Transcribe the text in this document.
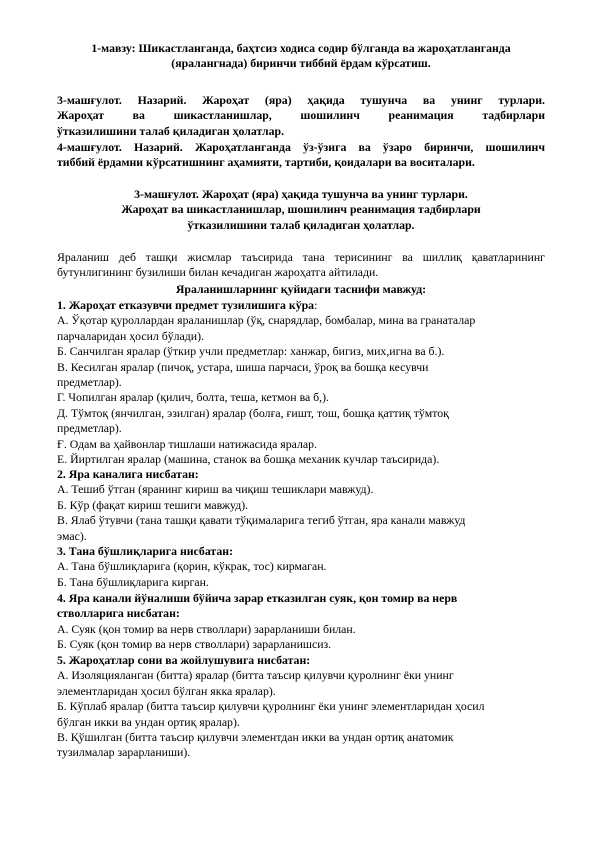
1-мавзу: Шикастланганда, баҳтсиз ходиса содир бўлганда ва жароҳатланганда
(яралангнада) биринчи тиббий ёрдам кўрсатиш.
3-машғулот. Назарий. Жароҳат (яра) ҳақида тушунча ва унинг турлари.
Жароҳат ва шикастланишлар, шошилинч реанимация тадбирлари
ўтказилишини талаб қиладиган ҳолатлар.
4-машғулот. Назарий. Жароҳатланганда ўз-ўзига ва ўзаро биринчи, шошилинч
тиббий ёрдамни кўрсатишнинг аҳамияти, тартиби, қоидалари ва воситалари.
3-машғулот. Жароҳат (яра) ҳақида тушунча ва унинг турлари.
Жароҳат ва шикастланишлар, шошилинч реанимация тадбирлари
ўтказилишини талаб қиладиган ҳолатлар.
Яраланиш деб ташқи жисмлар таъсирида тана терисининг ва шиллиқ қаватларининг
бутунлигининг бузилиши билан кечадиган жароҳатга айтилади.
Яраланишларнинг қуйидаги таснифи мавжуд:
1. Жароҳат етказувчи предмет тузилишига кўра:
А. Ўқотар қуроллардан яраланишлар (ўқ, снарядлар, бомбалар, мина ва гранаталар
парчаларидан ҳосил бўлади).
Б. Санчилган яралар (ўткир учли предметлар: ханжар, бигиз, мих,игна ва б.).
В. Кесилган яралар (пичоқ, устара, шиша парчаси, ўроқ ва бошқа кесувчи
предметлар).
Г. Чопилган яралар (қилич, болта, теша, кетмон ва б,).
Д. Тўмтоқ (янчилган, эзилган) яралар (болға, ғишт, тош, бошқа қаттиқ тўмтоқ
предметлар).
Ғ. Одам ва ҳайвонлар тишлаши натижасида яралар.
Е. Йиртилган яралар (машина, станок ва бошқа механик кучлар таъсирида).
2. Яра каналига нисбатан:
А. Тешиб ўтган (яранинг кириш ва чиқиш тешиклари мавжуд).
Б. Кўр (фақат кириш тешиги мавжуд).
В. Ялаб ўтувчи (тана ташқи қавати тўқималарига тегиб ўтган, яра канали мавжуд
эмас).
3. Тана бўшлиқларига нисбатан:
А. Тана бўшлиқларига (қорин, кўкрак, тос) кирмаган.
Б. Тана бўшлиқларига кирган.
4. Яра канали йўналиши бўйича зарар етказилган суяк, қон томир ва нерв
стволларига нисбатан:
А. Суяк (қон томир ва нерв стволлари) зарарланиши билан.
Б. Суяк (қон томир ва нерв стволлари) зарарланишсиз.
5. Жароҳатлар сони ва жойлушувига нисбатан:
А. Изоляцияланган (битта) яралар (битта таъсир қилувчи қуролнинг ёки унинг
элементларидан ҳосил бўлган якка яралар).
Б. Кўплаб яралар (битта таъсир қилувчи қуролнинг ёки унинг элементларидан ҳосил
бўлган икки ва ундан ортиқ яралар).
В. Қўшилган (битта таъсир қилувчи элементдан икки ва ундан ортиқ анатомик
тузилмалар зарарланиши).
